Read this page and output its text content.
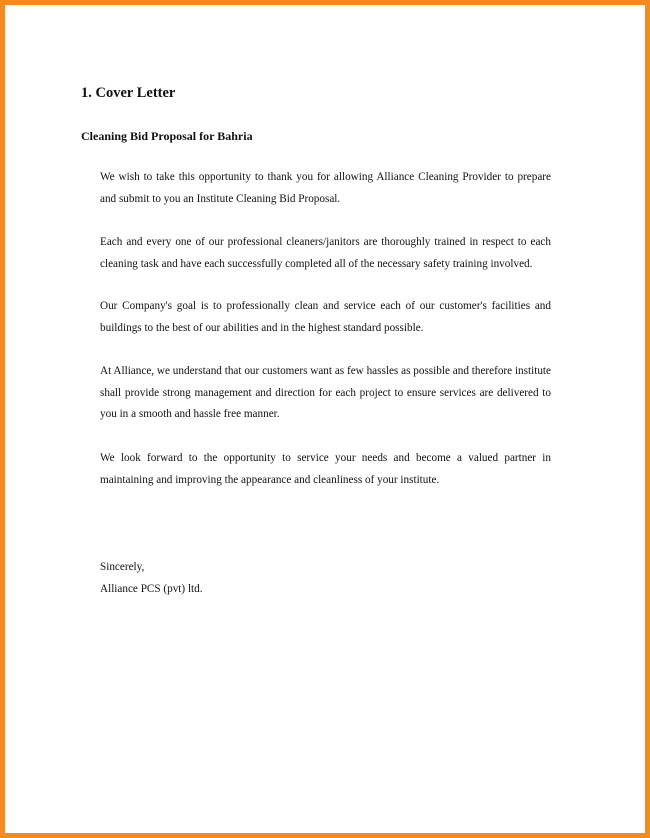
1. Cover Letter
Cleaning Bid Proposal for Bahria

We wish to take this opportunity to thank you for allowing Alliance Cleaning Provider to prepare and submit to you an Institute Cleaning Bid Proposal.

Each and every one of our professional cleaners/janitors are thoroughly trained in respect to each cleaning task and have each successfully completed all of the necessary safety training involved.

Our Company's goal is to professionally clean and service each of our customer's facilities and buildings to the best of our abilities and in the highest standard possible.

At Alliance, we understand that our customers want as few hassles as possible and therefore institute shall provide strong management and direction for each project to ensure services are delivered to you in a smooth and hassle free manner.

We look forward to the opportunity to service your needs and become a valued partner in maintaining and improving the appearance and cleanliness of your institute.

Sincerely,
Alliance PCS (pvt) ltd.
